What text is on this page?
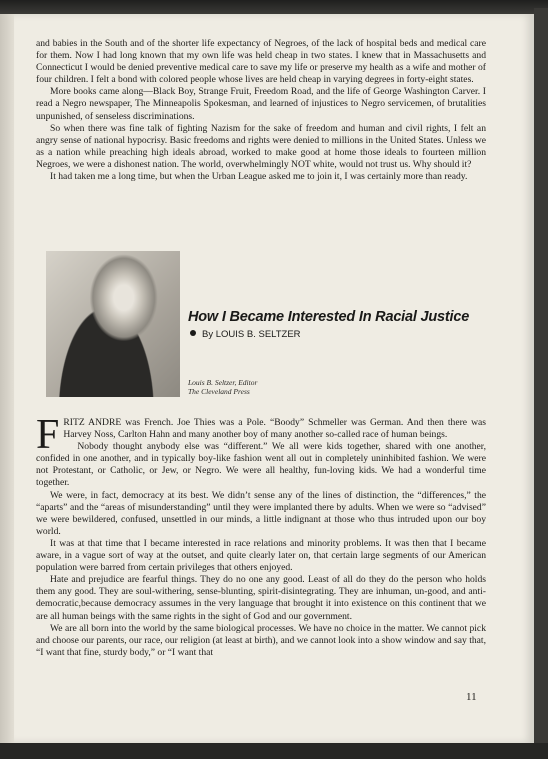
and babies in the South and of the shorter life expectancy of Negroes, of the lack of hospital beds and medical care for them. Now I had long known that my own life was held cheap in two states. I knew that in Massachusetts and Connecticut I would be denied preventive medical care to save my life or preserve my health as a wife and mother of four children. I felt a bond with colored people whose lives are held cheap in varying degrees in forty-eight states.

More books came along—Black Boy, Strange Fruit, Freedom Road, and the life of George Washington Carver. I read a Negro newspaper, The Minneapolis Spokesman, and learned of injustices to Negro servicemen, of brutalities unpunished, of senseless discriminations.

So when there was fine talk of fighting Nazism for the sake of freedom and human and civil rights, I felt an angry sense of national hypocrisy. Basic freedoms and rights were denied to millions in the United States. Unless we as a nation while preaching high ideals abroad, worked to make good at home those ideals to fourteen million Negroes, we were a dishonest nation. The world, overwhelmingly NOT white, would not trust us. Why should it?

It had taken me a long time, but when the Urban League asked me to join it, I was certainly more than ready.

How I Became Interested In Racial Justice
By LOUIS B. SELTZER
Louis B. Seltzer, Editor
The Cleveland Press

FRITZ ANDRE was French. Joe Thies was a Pole. “Boody” Schmeller was German. And then there was Harvey Noss, Carlton Hahn and many another boy of many another so-called race of human beings.

Nobody thought anybody else was “different.” We all were kids together, shared with one another, confided in one another, and in typically boy-like fashion went all out in completely uninhibited fashion. We were not Protestant, or Catholic, or Jew, or Negro. We were all healthy, fun-loving kids. We had a wonderful time together.

We were, in fact, democracy at its best. We didn’t sense any of the lines of distinction, the “differences,” the “aparts” and the “areas of misunderstanding” until they were implanted there by adults. When we were so “advised” we were bewildered, confused, unsettled in our minds, a little indignant at those who thus intruded upon our boy world.

It was at that time that I became interested in race relations and minority problems. It was then that I became aware, in a vague sort of way at the outset, and quite clearly later on, that certain large segments of our American population were barred from certain privileges that others enjoyed.

Hate and prejudice are fearful things. They do no one any good. Least of all do they do the person who holds them any good. They are soul-withering, sense-blunting, spirit-disintegrating. They are inhuman, un-good, and anti-democratic,because democracy assumes in the very language that brought it into existence on this continent that we are all human beings with the same rights in the sight of God and our government.

We are all born into the world by the same biological processes. We have no choice in the matter. We cannot pick and choose our parents, our race, our religion (at least at birth), and we cannot look into a show window and say that, “I want that fine, sturdy body,” or “I want that

11
